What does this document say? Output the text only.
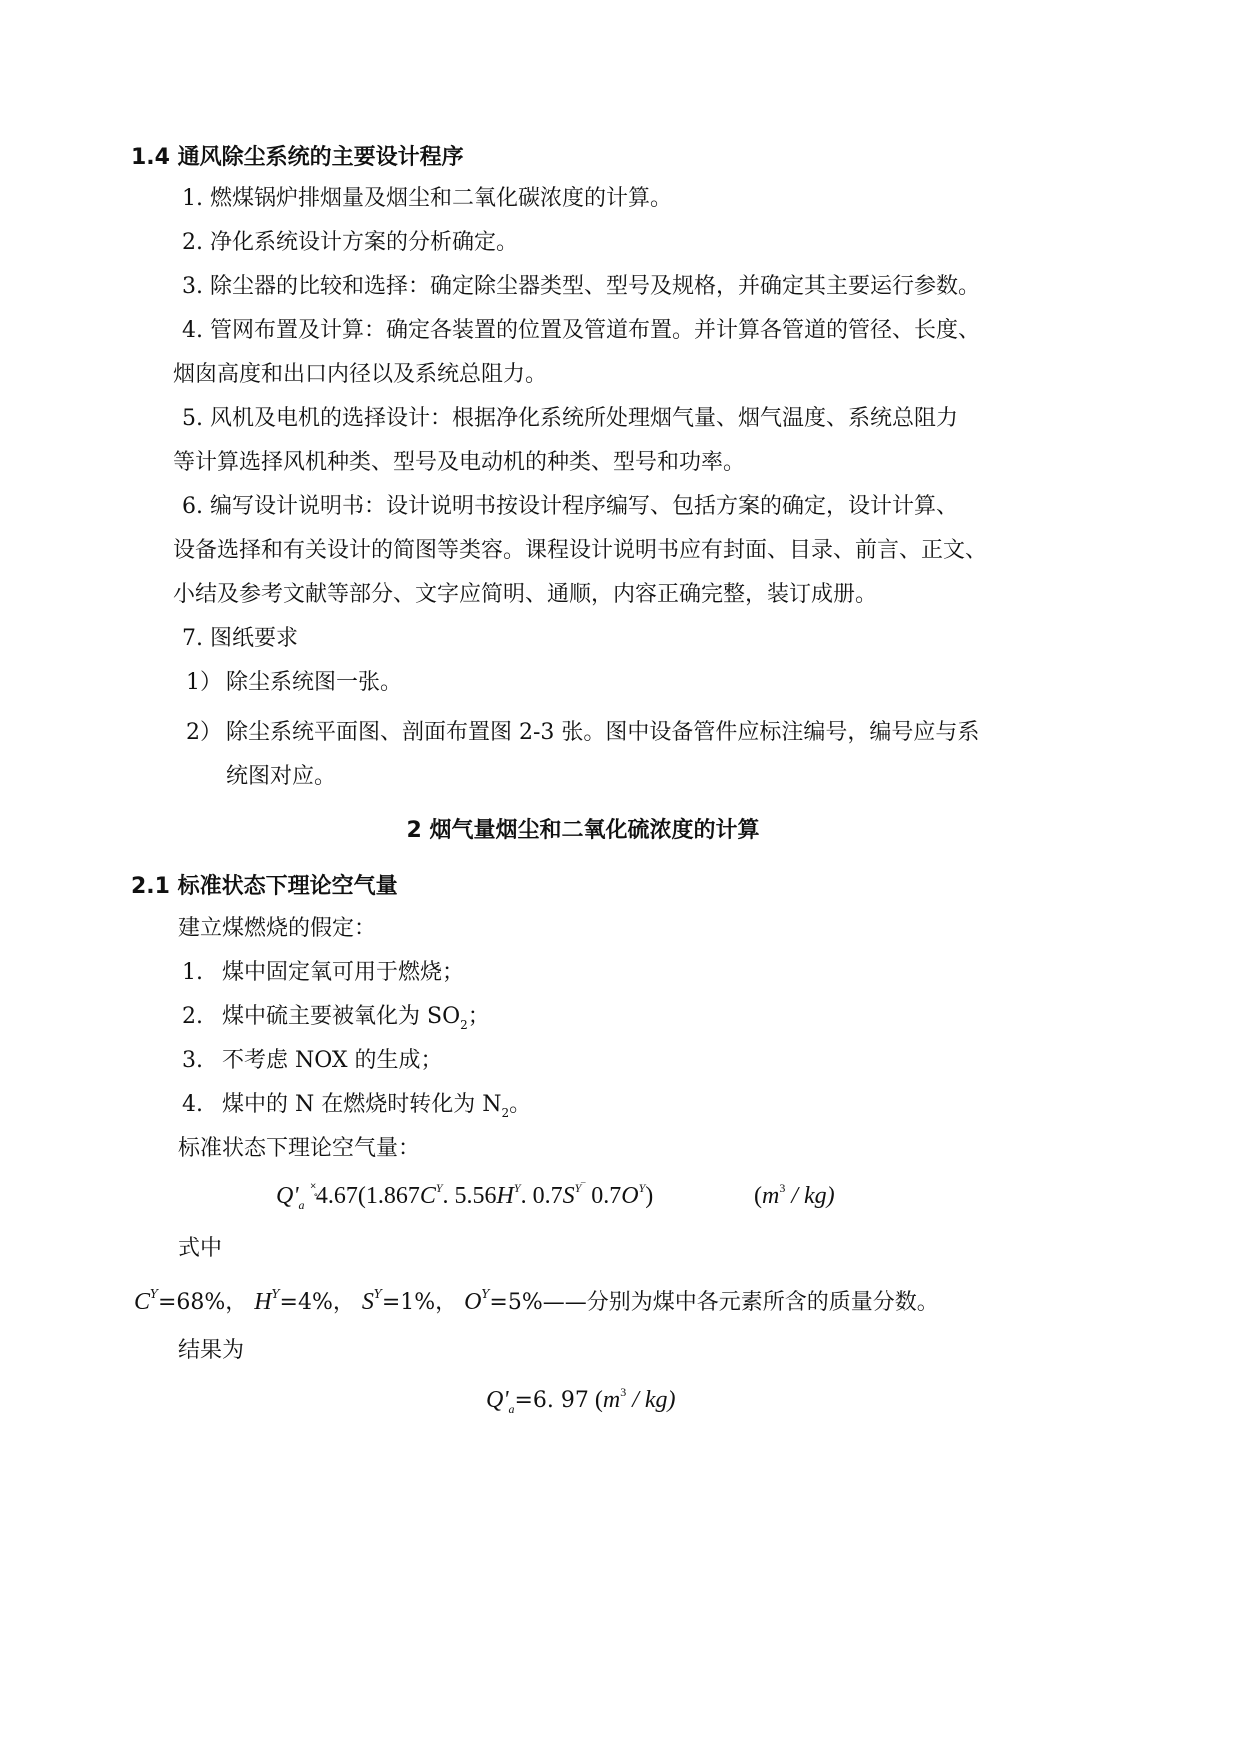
1.4 通风除尘系统的主要设计程序
1. 燃煤锅炉排烟量及烟尘和二氧化碳浓度的计算。
2. 净化系统设计方案的分析确定。
3. 除尘器的比较和选择：确定除尘器类型、型号及规格，并确定其主要运行参数。
4. 管网布置及计算：确定各装置的位置及管道布置。并计算各管道的管径、长度、
烟囱高度和出口内径以及系统总阻力。
5. 风机及电机的选择设计：根据净化系统所处理烟气量、烟气温度、系统总阻力
等计算选择风机种类、型号及电动机的种类、型号和功率。
6. 编写设计说明书：设计说明书按设计程序编写、包括方案的确定，设计计算、
设备选择和有关设计的简图等类容。课程设计说明书应有封面、目录、前言、正文、
小结及参考文献等部分、文字应简明、通顺，内容正确完整，装订成册。
7. 图纸要求
1） 除尘系统图一张。
2） 除尘系统平面图、剖面布置图 2-3 张。图中设备管件应标注编号，编号应与系
统图对应。
2 烟气量烟尘和二氧化硫浓度的计算
2.1 标准状态下理论空气量
建立煤燃烧的假定：
1. 煤中固定氧可用于燃烧；
2. 煤中硫主要被氧化为 $SO_2$；
3. 不考虑 NOX 的生成；
4. 煤中的 N 在燃烧时转化为 $N_2$。
标准状态下理论空气量：
$Q'_a$ $^{˟̥}4.67(1.867C^Y$. $5.56H^Y$. $0.7S^{Y‾}$ $0.7O^Y$)	$(m^3 / kg)$
式中
$C^Y=68\%$， $H^Y=4\%$， $S^Y=1\%$， $O^Y=5\%——$分别为煤中各元素所含的质量分数。
结果为
$Q'_a=6$. 97 $(m^3 / kg)$
